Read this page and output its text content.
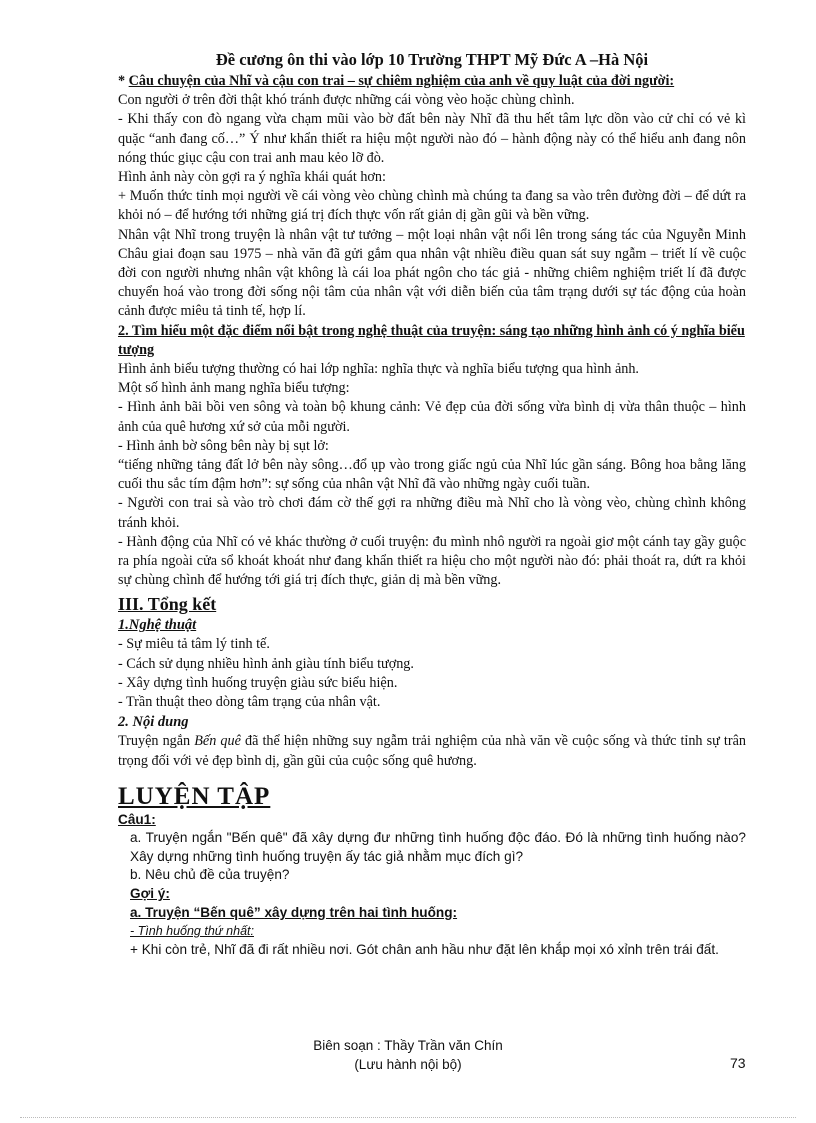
Đề cương ôn thi vào lớp 10 Trường THPT Mỹ Đức A –Hà Nội

* Câu chuyện của Nhĩ và cậu con trai – sự chiêm nghiệm của anh về quy luật của đời người:

Con người ở trên đời thật khó tránh được những cái vòng vèo hoặc chùng chình.

- Khi thấy con đò ngang vừa chạm mũi vào bờ đất bên này Nhĩ đã thu hết tâm lực dồn vào cử chỉ có vẻ kì quặc “anh đang cố…” Ý như khẩn thiết ra hiệu một người nào đó – hành động này có thể hiểu anh đang nôn nóng thúc giục cậu con trai anh mau kẻo lỡ đò.

Hình ảnh này còn gợi ra ý nghĩa khái quát hơn:

+ Muốn thức tỉnh mọi người về cái vòng vèo chùng chình mà chúng ta đang sa vào trên đường đời – để dứt ra khỏi nó – để hướng tới những giá trị đích thực vốn rất giản dị gần gũi và bền vững.

Nhân vật Nhĩ trong truyện là nhân vật tư tưởng – một loại nhân vật nổi lên trong sáng tác của Nguyễn Minh Châu giai đoạn sau 1975 – nhà văn đã gửi gắm qua nhân vật nhiều điều quan sát suy ngẫm – triết lí về cuộc đời con người nhưng nhân vật không là cái loa phát ngôn cho tác giả - những chiêm nghiệm triết lí đã được chuyển hoá vào trong đời sống nội tâm của nhân vật với diễn biến của tâm trạng dưới sự tác động của hoàn cảnh được miêu tả tinh tế, hợp lí.

2. Tìm hiểu một đặc điểm nổi bật trong nghệ thuật của truyện: sáng tạo những hình ảnh có ý nghĩa biểu tượng

Hình ảnh biểu tượng thường có hai lớp nghĩa: nghĩa thực và nghĩa biểu tượng qua hình ảnh.

Một số hình ảnh mang nghĩa biểu tượng:

- Hình ảnh bãi bồi ven sông và toàn bộ khung cảnh: Vẻ đẹp của đời sống vừa bình dị vừa thân thuộc – hình ảnh của quê hương xứ sở của mỗi người.

- Hình ảnh bờ sông bên này bị sụt lở:

“tiếng những tảng đất lở bên này sông…đổ ụp vào trong giấc ngủ của Nhĩ lúc gần sáng. Bông hoa bằng lăng cuối thu sắc tím đậm hơn”: sự sống của nhân vật Nhĩ đã vào những ngày cuối tuần.

- Người con trai sà vào trò chơi đám cờ thế gợi ra những điều mà Nhĩ cho là vòng vèo, chùng chình không tránh khỏi.

- Hành động của Nhĩ có vẻ khác thường ở cuối truyện: đu mình nhô người ra ngoài giơ một cánh tay gầy guộc ra phía ngoài cửa sổ khoát khoát như đang khẩn thiết ra hiệu cho một người nào đó: phải thoát ra, dứt ra khỏi sự chùng chình để hướng tới giá trị đích thực, giản dị mà bền vững.

III. Tổng kết
1.Nghệ thuật

- Sự miêu tả tâm lý tinh tế.

- Cách sử dụng nhiều hình ảnh giàu tính biểu tượng.

- Xây dựng tình huống truyện giàu sức biểu hiện.

- Trần thuật theo dòng tâm trạng của nhân vật.

2. Nội dung

Truyện ngắn Bến quê đã thể hiện những suy ngẫm trải nghiệm của nhà văn về cuộc sống và thức tỉnh sự trân trọng đối với vẻ đẹp bình dị, gần gũi của cuộc sống quê hương.

LUYỆN TẬP
Câu1:

a. Truyện ngắn "Bến quê" đã xây dựng đư những tình huống độc đáo. Đó là những tình huống nào? Xây dựng những tình huống truyện ấy tác giả nhằm mục đích gì?

b. Nêu chủ đề của truyện?

Gợi ý:

a. Truyện “Bến quê” xây dựng trên hai tình huống:

- Tình huống thứ nhất:

+ Khi còn trẻ, Nhĩ đã đi rất nhiều nơi. Gót chân anh hầu như đặt lên khắp mọi xó xỉnh trên trái đất.

Biên soạn : Thầy Trần văn Chín
(Lưu hành nội bộ)	73
